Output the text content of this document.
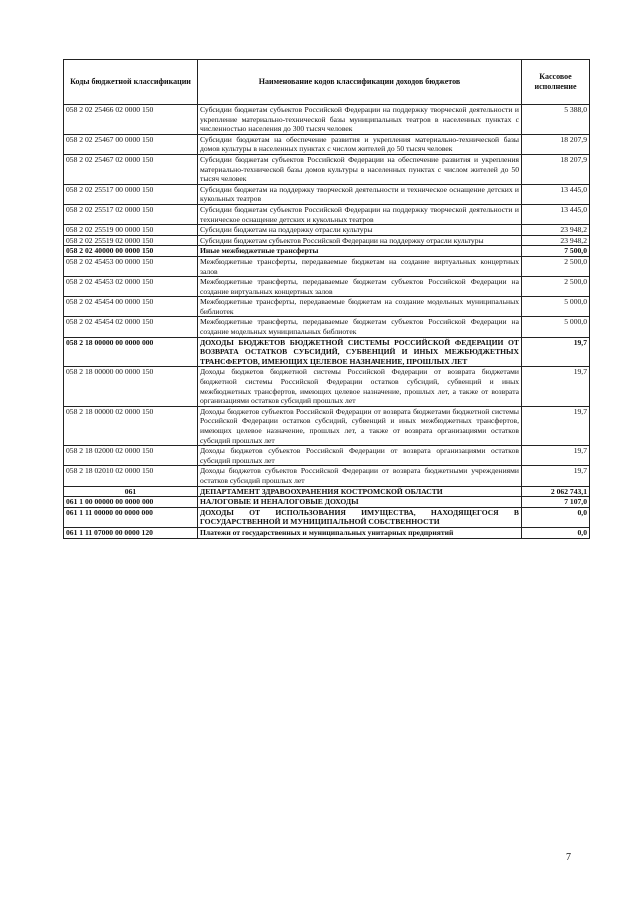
Коды бюджетной классификации	Наименование кодов классификации доходов бюджетов	Кассовое исполнение
058 2 02 25466 02 0000 150	Субсидии бюджетам субъектов Российской Федерации на поддержку творческой деятельности и укрепление материально-технической базы муниципальных театров в населенных пунктах с численностью населения до 300 тысяч человек	5 388,0
058 2 02 25467 00 0000 150	Субсидии бюджетам на обеспечение развития и укрепления материально-технической базы домов культуры в населенных пунктах с числом жителей до 50 тысяч человек	18 207,9
058 2 02 25467 02 0000 150	Субсидии бюджетам субъектов Российской Федерации на обеспечение развития и укрепления материально-технической базы домов культуры в населенных пунктах с числом жителей до 50 тысяч человек	18 207,9
058 2 02 25517 00 0000 150	Субсидии бюджетам на поддержку творческой деятельности и техническое оснащение детских и кукольных театров	13 445,0
058 2 02 25517 02 0000 150	Субсидии бюджетам субъектов Российской Федерации на поддержку творческой деятельности и техническое оснащение детских и кукольных театров	13 445,0
058 2 02 25519 00 0000 150	Субсидии бюджетам на поддержку отрасли культуры	23 948,2
058 2 02 25519 02 0000 150	Субсидии бюджетам субъектов Российской Федерации на поддержку отрасли культуры	23 948,2
058 2 02 40000 00 0000 150	Иные межбюджетные трансферты	7 500,0
058 2 02 45453 00 0000 150	Межбюджетные трансферты, передаваемые бюджетам на создание виртуальных концертных залов	2 500,0
058 2 02 45453 02 0000 150	Межбюджетные трансферты, передаваемые бюджетам субъектов Российской Федерации на создание виртуальных концертных залов	2 500,0
058 2 02 45454 00 0000 150	Межбюджетные трансферты, передаваемые бюджетам на создание модельных муниципальных библиотек	5 000,0
058 2 02 45454 02 0000 150	Межбюджетные трансферты, передаваемые бюджетам субъектов Российской Федерации на создание модельных муниципальных библиотек	5 000,0
058 2 18 00000 00 0000 000	ДОХОДЫ БЮДЖЕТОВ БЮДЖЕТНОЙ СИСТЕМЫ РОССИЙСКОЙ ФЕДЕРАЦИИ ОТ ВОЗВРАТА ОСТАТКОВ СУБСИДИЙ, СУБВЕНЦИЙ И ИНЫХ МЕЖБЮДЖЕТНЫХ ТРАНСФЕРТОВ, ИМЕЮЩИХ ЦЕЛЕВОЕ НАЗНАЧЕНИЕ, ПРОШЛЫХ ЛЕТ	19,7
058 2 18 00000 00 0000 150	Доходы бюджетов бюджетной системы Российской Федерации от возврата бюджетами бюджетной системы Российской Федерации остатков субсидий, субвенций и иных межбюджетных трансфертов, имеющих целевое назначение, прошлых лет, а также от возврата организациями остатков субсидий прошлых лет	19,7
058 2 18 00000 02 0000 150	Доходы бюджетов субъектов Российской Федерации от возврата бюджетами бюджетной системы Российской Федерации остатков субсидий, субвенций и иных межбюджетных трансфертов, имеющих целевое назначение, прошлых лет, а также от возврата организациями остатков субсидий прошлых лет	19,7
058 2 18 02000 02 0000 150	Доходы бюджетов субъектов Российской Федерации от возврата организациями остатков субсидий прошлых лет	19,7
058 2 18 02010 02 0000 150	Доходы бюджетов субъектов Российской Федерации от возврата бюджетными учреждениями остатков субсидий прошлых лет	19,7
061	ДЕПАРТАМЕНТ ЗДРАВООХРАНЕНИЯ КОСТРОМСКОЙ ОБЛАСТИ	2 062 743,1
061 1 00 00000 00 0000 000	НАЛОГОВЫЕ И НЕНАЛОГОВЫЕ ДОХОДЫ	7 107,0
061 1 11 00000 00 0000 000	ДОХОДЫ ОТ ИСПОЛЬЗОВАНИЯ ИМУЩЕСТВА, НАХОДЯЩЕГОСЯ В ГОСУДАРСТВЕННОЙ И МУНИЦИПАЛЬНОЙ СОБСТВЕННОСТИ	0,0
061 1 11 07000 00 0000 120	Платежи от государственных и муниципальных унитарных предприятий	0,0
7
